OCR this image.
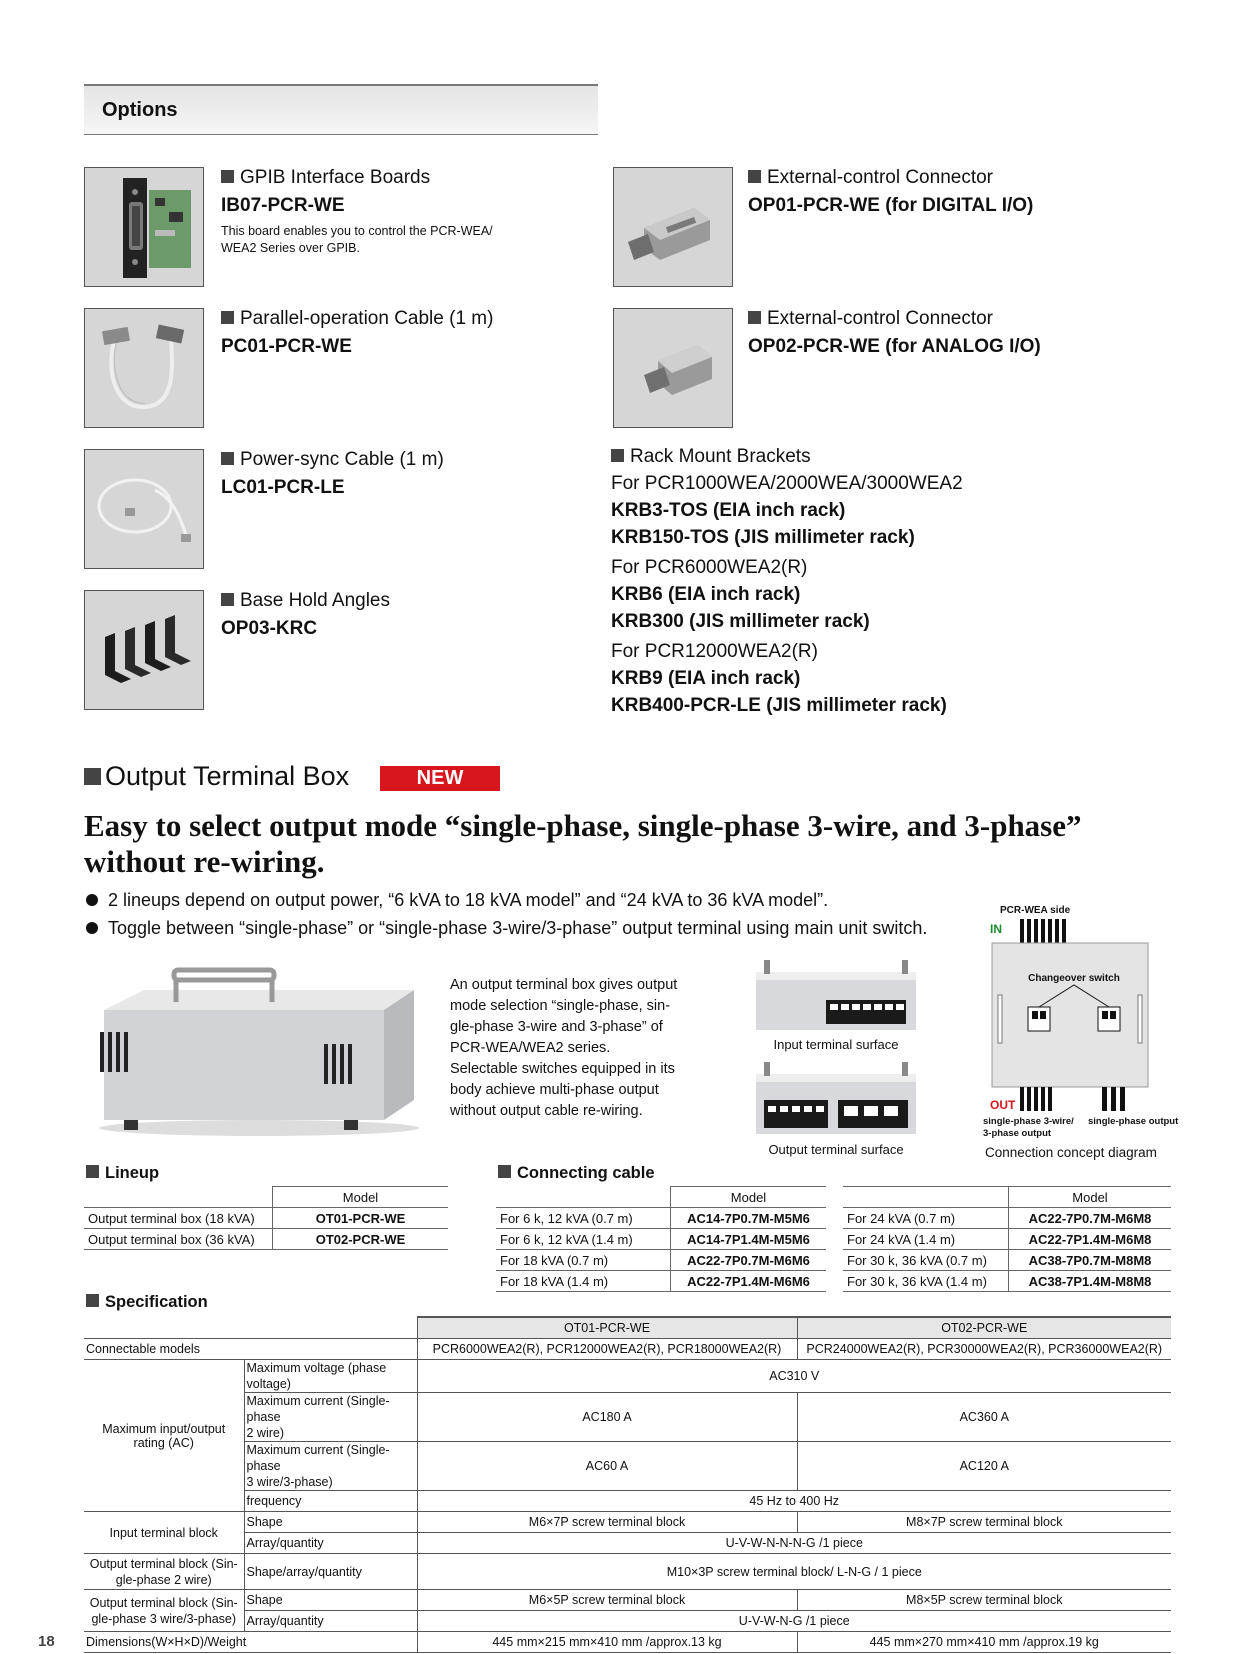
Options
GPIB Interface Boards
IB07-PCR-WE
This board enables you to control the PCR-WEA/ WEA2 Series over GPIB.
External-control Connector
OP01-PCR-WE (for DIGITAL I/O)
Parallel-operation Cable (1 m)
PC01-PCR-WE
External-control Connector
OP02-PCR-WE (for ANALOG I/O)
Power-sync Cable (1 m)
LC01-PCR-LE
Base Hold Angles
OP03-KRC
Rack Mount Brackets
For PCR1000WEA/2000WEA/3000WEA2
KRB3-TOS (EIA inch rack)
KRB150-TOS (JIS millimeter rack)
For PCR6000WEA2(R)
KRB6 (EIA inch rack)
KRB300 (JIS millimeter rack)
For PCR12000WEA2(R)
KRB9 (EIA inch rack)
KRB400-PCR-LE (JIS millimeter rack)
Output Terminal Box	NEW
Easy to select output mode “single-phase, single-phase 3-wire, and 3-phase”
without re-wiring.
2 lineups depend on output power, “6 kVA to 18 kVA model” and “24 kVA to 36 kVA model”.
Toggle between “single-phase” or “single-phase 3-wire/3-phase” output terminal using main unit switch.
An output terminal box gives output
mode selection “single-phase, sin-
gle-phase 3-wire and 3-phase” of
PCR-WEA/WEA2 series.
Selectable switches equipped in its
body achieve multi-phase output
without output cable re-wiring.
Input terminal surface
Output terminal surface
PCR-WEA side
IN
Changeover switch
OUT
single-phase 3-wire/
3-phase output
single-phase output
Connection concept diagram
Lineup
	Model
Output terminal box (18 kVA)	OT01-PCR-WE
Output terminal box (36 kVA)	OT02-PCR-WE
Connecting cable
	Model
For 6 k, 12 kVA (0.7 m)	AC14-7P0.7M-M5M6
For 6 k, 12 kVA (1.4 m)	AC14-7P1.4M-M5M6
For 18 kVA (0.7 m)	AC22-7P0.7M-M6M6
For 18 kVA (1.4 m)	AC22-7P1.4M-M6M6
	Model
For 24 kVA (0.7 m)	AC22-7P0.7M-M6M8
For 24 kVA (1.4 m)	AC22-7P1.4M-M6M8
For 30 k, 36 kVA (0.7 m)	AC38-7P0.7M-M8M8
For 30 k, 36 kVA (1.4 m)	AC38-7P1.4M-M8M8
Specification
		OT01-PCR-WE	OT02-PCR-WE
Connectable models		PCR6000WEA2(R), PCR12000WEA2(R), PCR18000WEA2(R)	PCR24000WEA2(R), PCR30000WEA2(R), PCR36000WEA2(R)

Maximum input/output
rating (AC)	Maximum voltage (phase voltage)	AC310 V	

	Maximum current (Single-phase
2 wire)	AC180 A	AC360 A

	Maximum current (Single-phase
3 wire/3-phase)	AC60 A	AC120 A
	frequency	45 Hz to 400 Hz	
Input terminal block	Shape	M6×7P screw terminal block	M8×7P screw terminal block
	Array/quantity	U-V-W-N-N-N-G /1 piece	

Output terminal block (Sin-
gle-phase 2 wire)	Shape/array/quantity	M10×3P screw terminal block/ L-N-G / 1 piece	

Output terminal block (Sin-
gle-phase 3 wire/3-phase)	Shape	M6×5P screw terminal block	M8×5P screw terminal block
	Array/quantity	U-V-W-N-G /1 piece	
Dimensions(W×H×D)/Weight		445 mm×215 mm×410 mm /approx.13 kg	445 mm×270 mm×410 mm /approx.19 kg
18
